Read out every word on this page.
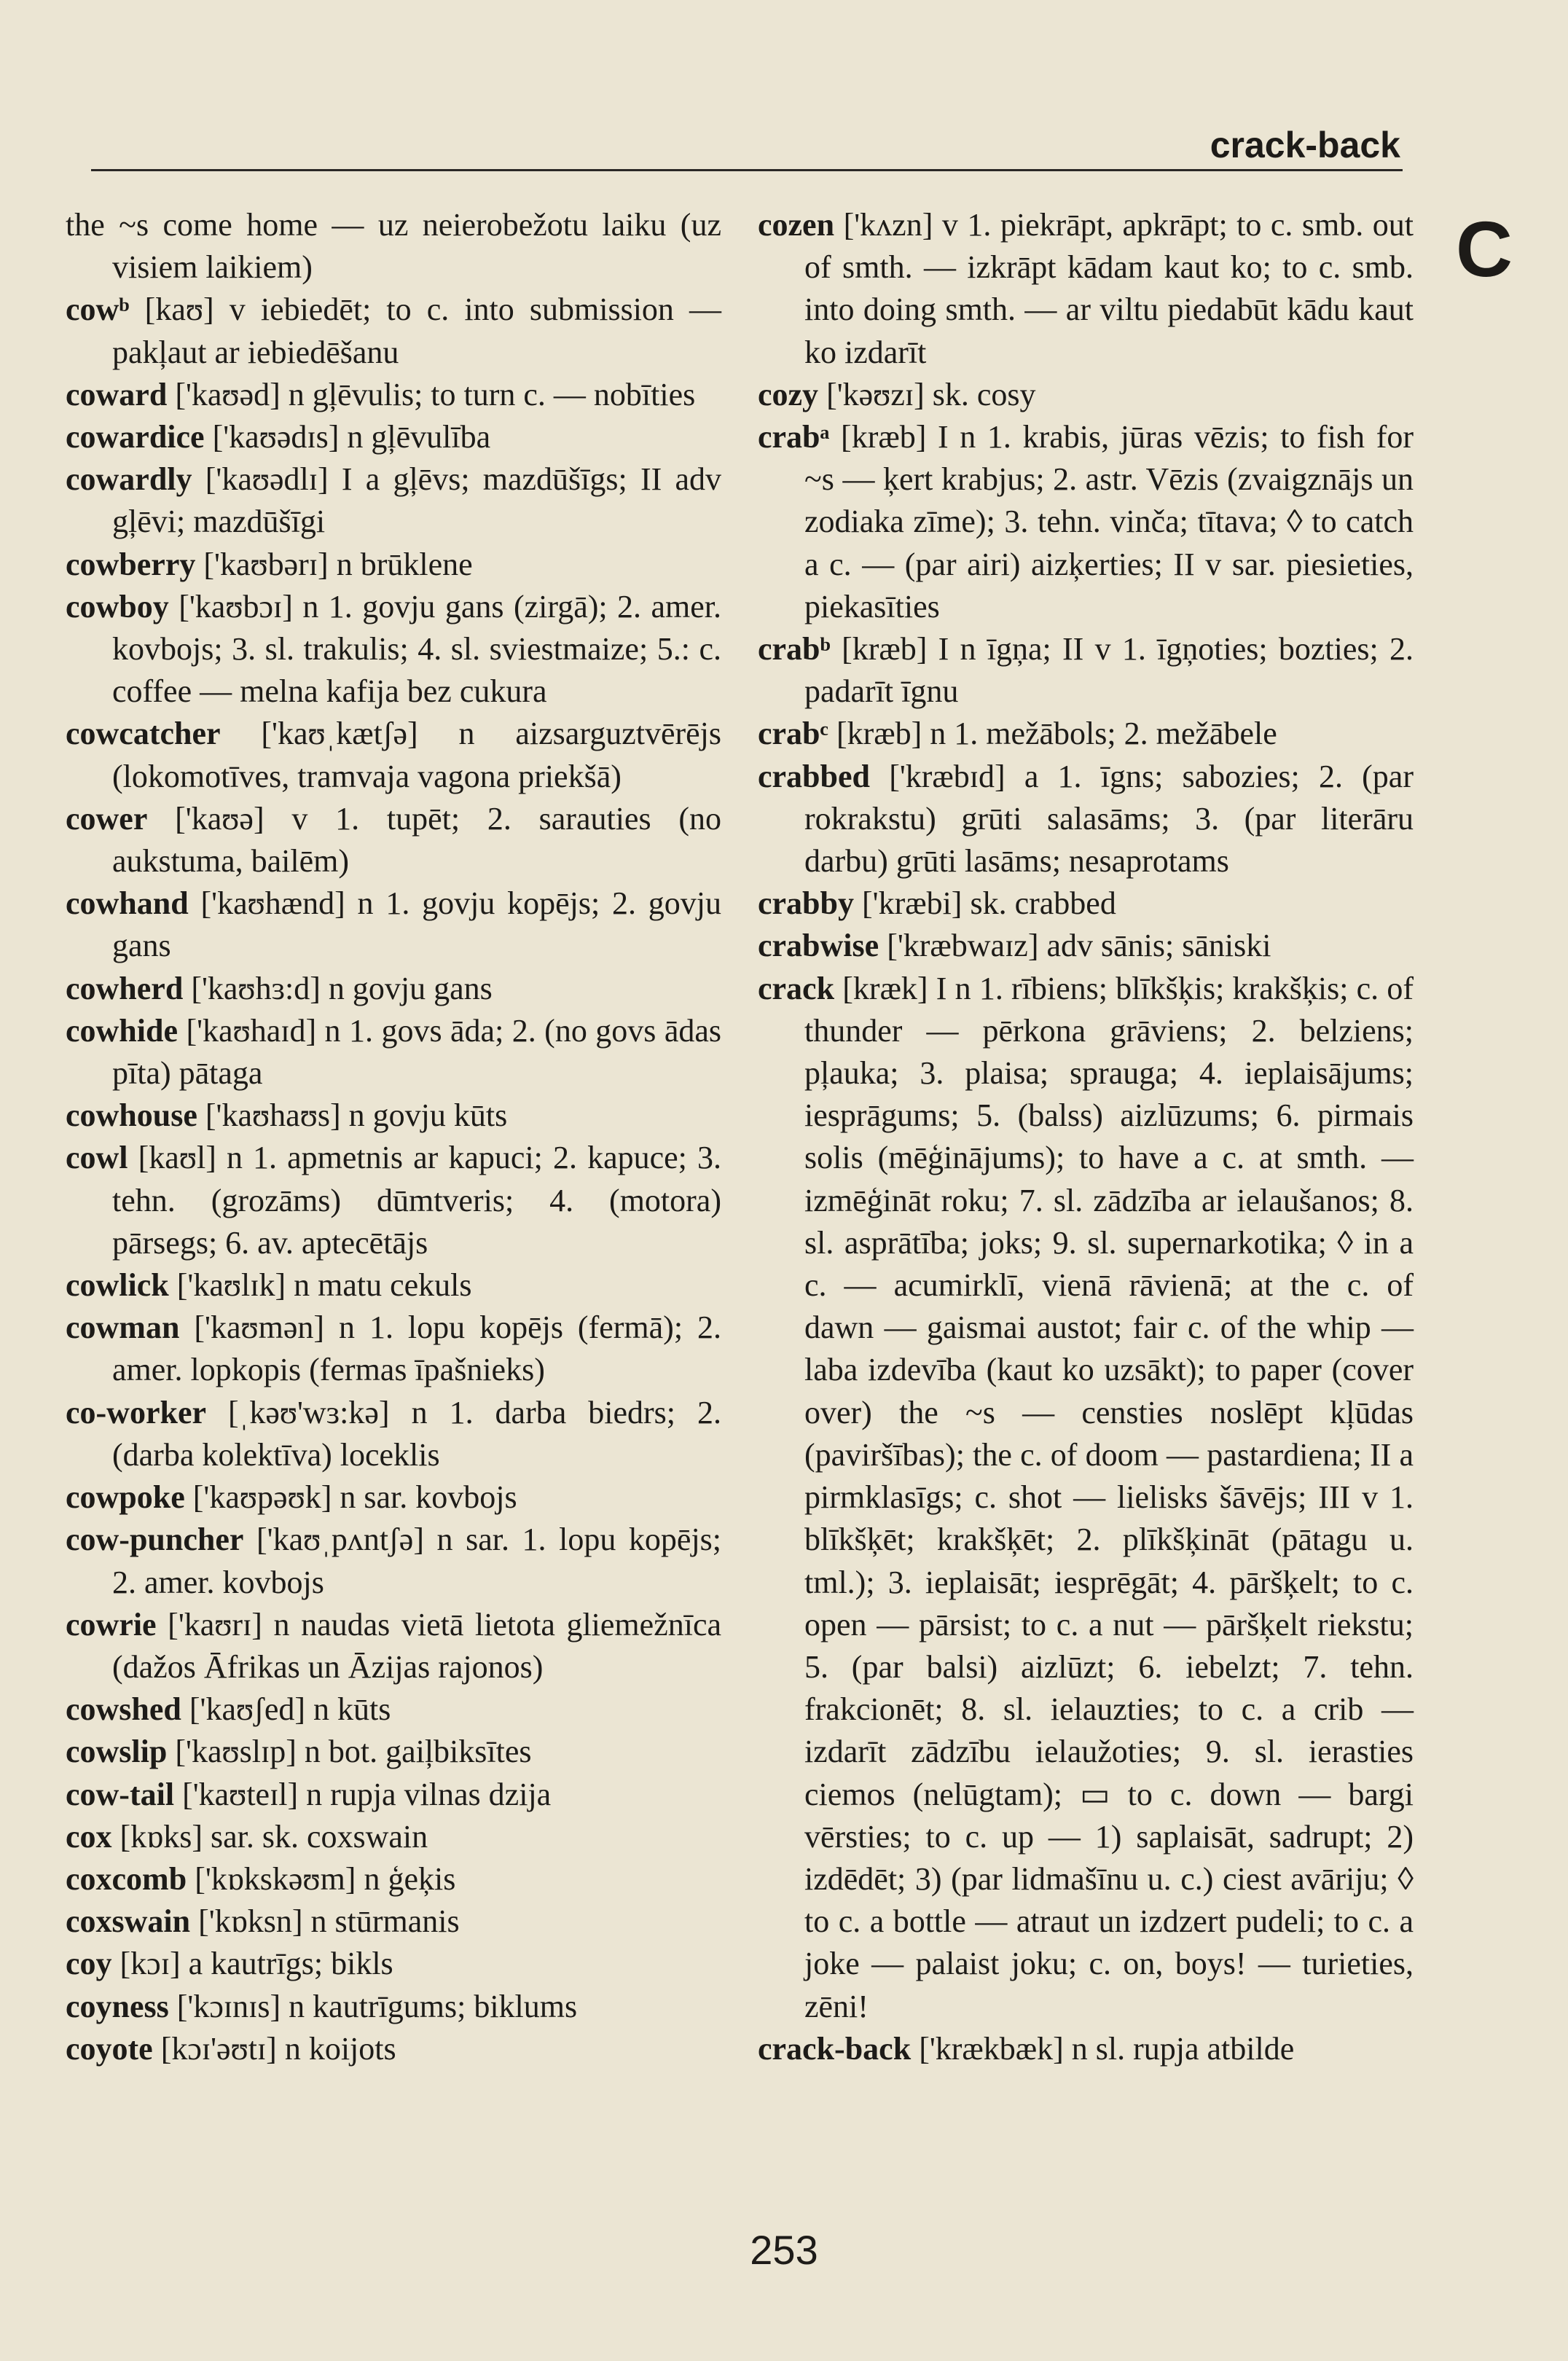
crack-back
C
the ~s come home — uz neierobežotu laiku (uz visiem laikiem)
cowᵇ [kaʊ] v iebiedēt; to c. into submission — pakļaut ar iebiedēšanu
coward ['kaʊəd] n gļēvulis; to turn c. — nobīties
cowardice ['kaʊədɪs] n gļēvulība
cowardly ['kaʊədlɪ] I a gļēvs; mazdūšīgs; II adv gļēvi; mazdūšīgi
cowberry ['kaʊbərɪ] n brūklene
cowboy ['kaʊbɔɪ] n 1. govju gans (zirgā); 2. amer. kovbojs; 3. sl. trakulis; 4. sl. sviestmaize; 5.: c. coffee — melna kafija bez cukura
cowcatcher ['kaʊˌkætʃə] n aizsarguztvērējs (lokomotīves, tramvaja vagona priekšā)
cower ['kaʊə] v 1. tupēt; 2. sarauties (no aukstuma, bailēm)
cowhand ['kaʊhænd] n 1. govju kopējs; 2. govju gans
cowherd ['kaʊhɜ:d] n govju gans
cowhide ['kaʊhaɪd] n 1. govs āda; 2. (no govs ādas pīta) pātaga
cowhouse ['kaʊhaʊs] n govju kūts
cowl [kaʊl] n 1. apmetnis ar kapuci; 2. kapuce; 3. tehn. (grozāms) dūmtveris; 4. (motora) pārsegs; 6. av. aptecētājs
cowlick ['kaʊlɪk] n matu cekuls
cowman ['kaʊmən] n 1. lopu kopējs (fermā); 2. amer. lopkopis (fermas īpašnieks)
co-worker [ˌkəʊ'wɜ:kə] n 1. darba biedrs; 2. (darba kolektīva) loceklis
cowpoke ['kaʊpəʊk] n sar. kovbojs
cow-puncher ['kaʊˌpʌntʃə] n sar. 1. lopu kopējs; 2. amer. kovbojs
cowrie ['kaʊrɪ] n naudas vietā lietota gliemežnīca (dažos Āfrikas un Āzijas rajonos)
cowshed ['kaʊʃed] n kūts
cowslip ['kaʊslɪp] n bot. gaiļbiksītes
cow-tail ['kaʊteɪl] n rupja vilnas dzija
cox [kɒks] sar. sk. coxswain
coxcomb ['kɒkskəʊm] n ģeķis
coxswain ['kɒksn] n stūrmanis
coy [kɔɪ] a kautrīgs; bikls
coyness ['kɔɪnɪs] n kautrīgums; biklums
coyote [kɔɪ'əʊtɪ] n koijots
cozen ['kʌzn] v 1. piekrāpt, apkrāpt; to c. smb. out of smth. — izkrāpt kādam kaut ko; to c. smb. into doing smth. — ar viltu piedabūt kādu kaut ko izdarīt
cozy ['kəʊzɪ] sk. cosy
crabᵃ [kræb] I n 1. krabis, jūras vēzis; to fish for ~s — ķert krabjus; 2. astr. Vēzis (zvaigznājs un zodiaka zīme); 3. tehn. vinča; tītava; ◊ to catch a c. — (par airi) aizķerties; II v sar. piesieties, piekasīties
crabᵇ [kræb] I n īgņa; II v 1. īgņoties; bozties; 2. padarīt īgnu
crabᶜ [kræb] n 1. mežābols; 2. mežābele
crabbed ['kræbɪd] a 1. īgns; sabozies; 2. (par rokrakstu) grūti salasāms; 3. (par literāru darbu) grūti lasāms; nesaprotams
crabby ['kræbi] sk. crabbed
crabwise ['kræbwaɪz] adv sānis; sāniski
crack [kræk] I n 1. rībiens; blīkšķis; krakšķis; c. of thunder — pērkona grāviens; 2. belziens; pļauka; 3. plaisa; sprauga; 4. ieplaisājums; iesprāgums; 5. (balss) aizlūzums; 6. pirmais solis (mēģinājums); to have a c. at smth. — izmēģināt roku; 7. sl. zādzība ar ielaušanos; 8. sl. asprātība; joks; 9. sl. supernarkotika; ◊ in a c. — acumirklī, vienā rāvienā; at the c. of dawn — gaismai austot; fair c. of the whip — laba izdevība (kaut ko uzsākt); to paper (cover over) the ~s — censties noslēpt kļūdas (paviršības); the c. of doom — pastardiena; II a pirmklasīgs; c. shot — lielisks šāvējs; III v 1. blīkšķēt; krakšķēt; 2. plīkšķināt (pātagu u. tml.); 3. ieplaisāt; iesprēgāt; 4. pāršķelt; to c. open — pārsist; to c. a nut — pāršķelt riekstu; 5. (par balsi) aizlūzt; 6. iebelzt; 7. tehn. frakcionēt; 8. sl. ielauzties; to c. a crib — izdarīt zādzību ielaužoties; 9. sl. ierasties ciemos (nelūgtam); ▭ to c. down — bargi vērsties; to c. up — 1) saplaisāt, sadrupt; 2) izdēdēt; 3) (par lidmašīnu u. c.) ciest avāriju; ◊ to c. a bottle — atraut un izdzert pudeli; to c. a joke — palaist joku; c. on, boys! — turieties, zēni!
crack-back ['krækbæk] n sl. rupja atbilde
253
